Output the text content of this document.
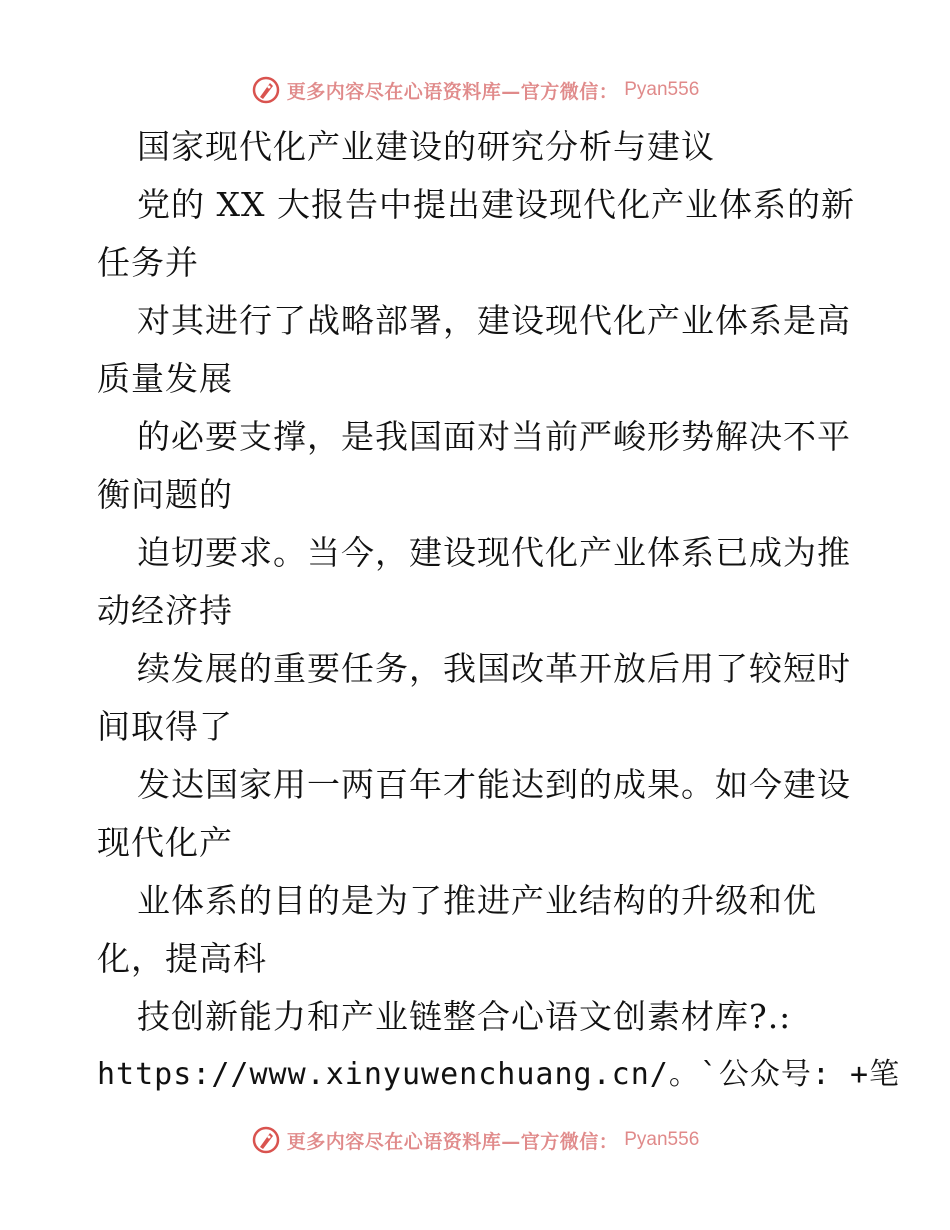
更多内容尽在心语资料库—官方微信： Pyan556
国家现代化产业建设的研究分析与建议
党的 XX 大报告中提出建设现代化产业体系的新
任务并
对其进行了战略部署，建设现代化产业体系是高
质量发展
的必要支撑，是我国面对当前严峻形势解决不平
衡问题的
迫切要求。当今，建设现代化产业体系已成为推
动经济持
续发展的重要任务，我国改革开放后用了较短时
间取得了
发达国家用一两百年才能达到的成果。如今建设
现代化产
业体系的目的是为了推进产业结构的升级和优
化，提高科
技创新能力和产业链整合心语文创素材库?.:
https://www.xinyuwenchuang.cn/。`公众号: +笔
更多内容尽在心语资料库—官方微信： Pyan556
